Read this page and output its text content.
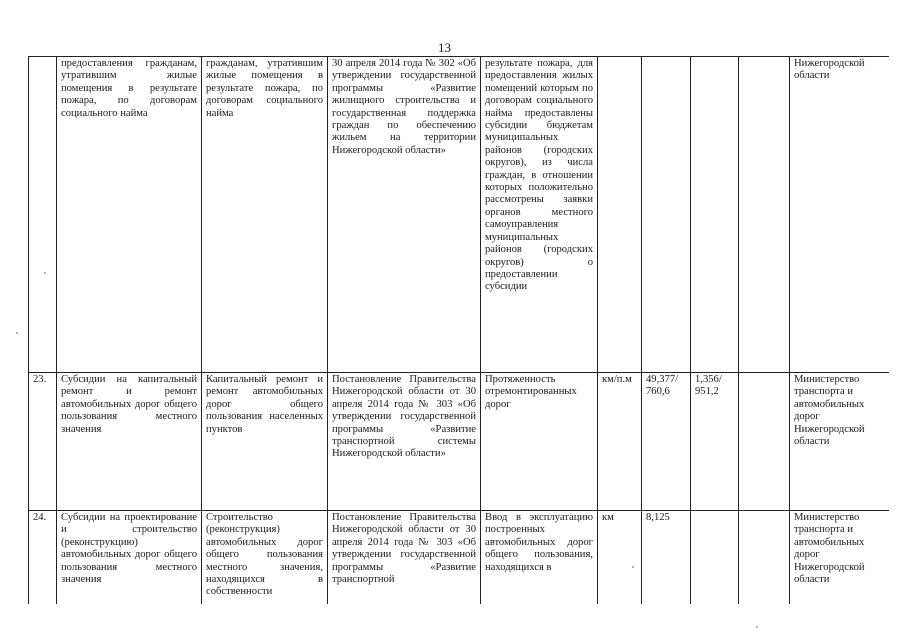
13
	предоставления гражданам, утратившим жилые помещения в результате пожара, по договорам социального найма	гражданам, утратившим жилые помещения в результате пожара, по договорам социального найма	30 апреля 2014 года № 302 «Об утверждении государственной программы «Развитие жилищного строительства и государственная поддержка граждан по обеспечению жильем на территории Нижегородской области»	результате пожара, для предоставления жилых помещений которым по договорам социального найма предоставлены субсидии бюджетам муниципальных районов (городских округов), из числа граждан, в отношении которых положительно рассмотрены заявки органов местного самоуправления муниципальных районов (городских округов) о предоставлении субсидии					Нижегородской области
23.	Субсидии на капитальный ремонт и ремонт автомобильных дорог общего пользования местного значения	Капитальный ремонт и ремонт автомобильных дорог общего пользования населенных пунктов	Постановление Правительства Нижегородской области от 30 апреля 2014 года № 303 «Об утверждении государственной программы «Развитие транспортной системы Нижегородской области»	Протяженность отремонтированных дорог	км/п.м	49,377/ 760,6	1,356/ 951,2		Министерство транспорта и автомобильных дорог Нижегородской области
24.	Субсидии на проектирование и строительство (реконструкцию) автомобильных дорог общего пользования местного значения	Строительство (реконструкция) автомобильных дорог общего пользования местного значения, находящихся в собственности	Постановление Правительства Нижегородской области от 30 апреля 2014 года № 303 «Об утверждении государственной программы «Развитие транспортной	Ввод в эксплуатацию построенных автомобильных дорог общего пользования, находящихся в	км	8,125			Министерство транспорта и автомобильных дорог Нижегородской области
